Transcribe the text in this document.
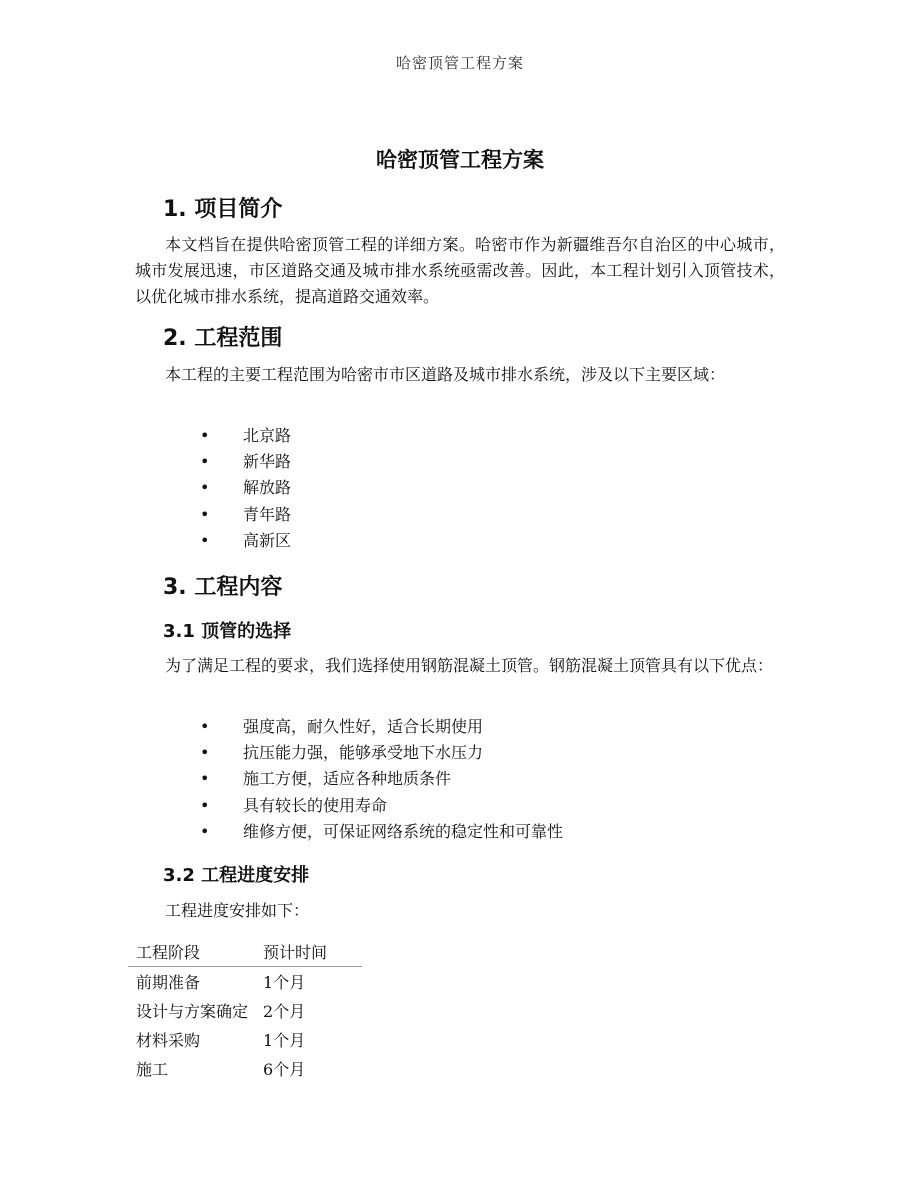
哈密顶管工程方案
哈密顶管工程方案
1. 项目简介

本文档旨在提供哈密顶管工程的详细方案。哈密市作为新疆维吾尔自治区的中心城市，城市发展迅速，市区道路交通及城市排水系统亟需改善。因此，本工程计划引入顶管技术，以优化城市排水系统，提高道路交通效率。

2. 工程范围

本工程的主要工程范围为哈密市市区道路及城市排水系统，涉及以下主要区域：

• 北京路
• 新华路
• 解放路
• 青年路
• 高新区
3. 工程内容
3.1 顶管的选择

为了满足工程的要求，我们选择使用钢筋混凝土顶管。钢筋混凝土顶管具有以下优点：

• 强度高，耐久性好，适合长期使用
• 抗压能力强，能够承受地下水压力
• 施工方便，适应各种地质条件
• 具有较长的使用寿命
• 维修方便，可保证网络系统的稳定性和可靠性
3.2 工程进度安排

工程进度安排如下：

工程阶段	预计时间
前期准备	1个月
设计与方案确定	2个月
材料采购	1个月
施工	6个月
